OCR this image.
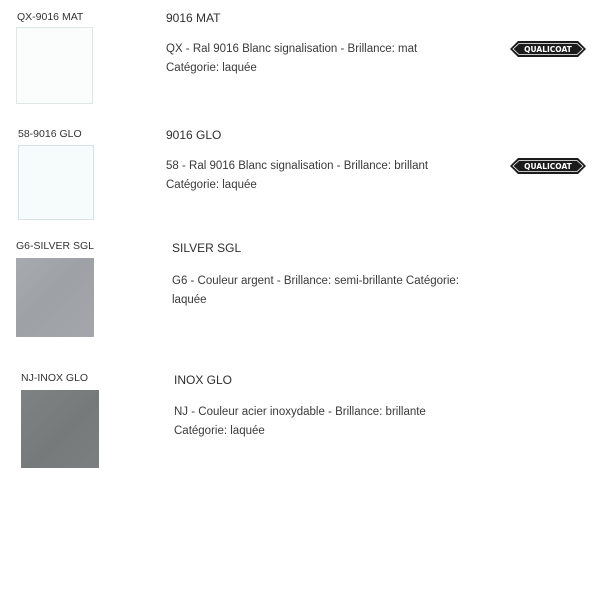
QX-9016 MAT	9016 MAT
QX - Ral 9016 Blanc signalisation - Brillance: mat
Catégorie: laquée
QUALICOAT
58-9016 GLO	9016 GLO
58 - Ral 9016 Blanc signalisation - Brillance: brillant
Catégorie: laquée
QUALICOAT
G6-SILVER SGL	SILVER SGL
G6 - Couleur argent - Brillance: semi-brillante Catégorie:
laquée
NJ-INOX GLO	INOX GLO
NJ - Couleur acier inoxydable - Brillance: brillante
Catégorie: laquée
